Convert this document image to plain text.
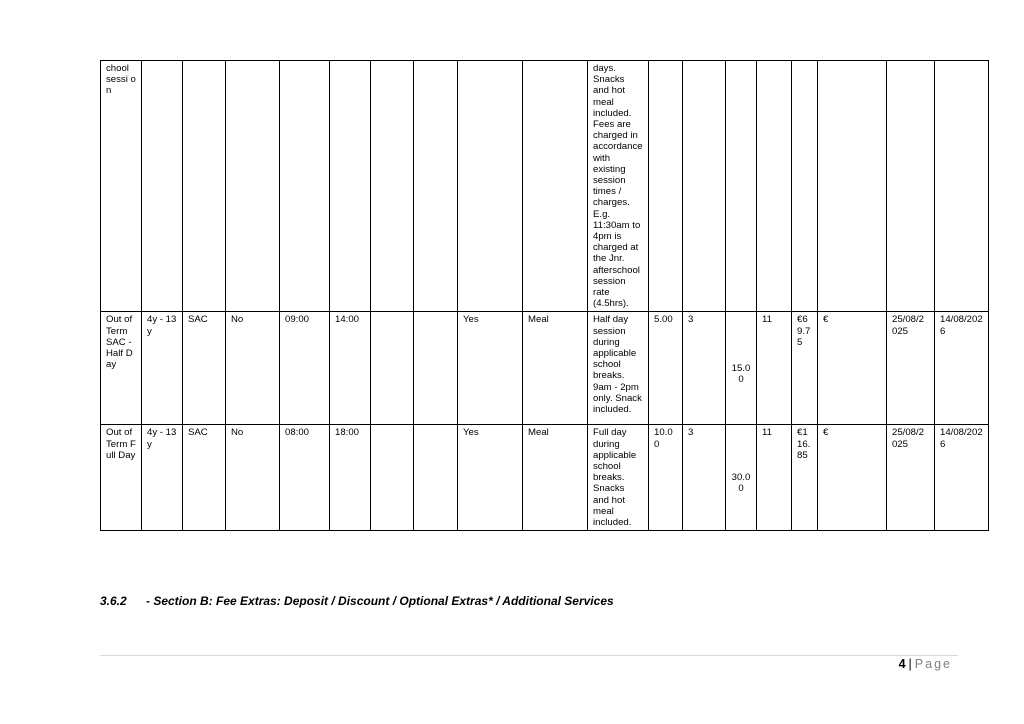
chool sessi on										days. Snacks and hot meal included. Fees are charged in accordance with existing session times / charges. E.g. 11:30am to 4pm is charged at the Jnr. afterschool session rate (4.5hrs).								
Out of Term SAC - Half Day	4y - 13y	SAC	No	09:00	14:00			Yes	Meal	Half day session during applicable school breaks. 9am - 2pm only. Snack included.	5.00	3	15.00	11	€69.75	€	25/08/2025	14/08/2026
Out of Term Full Day	4y - 13y	SAC	No	08:00	18:00			Yes	Meal	Full day during applicable school breaks. Snacks and hot meal included.	10.00	3	30.00	11	€116.85	€	25/08/2025	14/08/2026
3.6.2 - Section B: Fee Extras: Deposit / Discount / Optional Extras* / Additional Services
4 | Page
